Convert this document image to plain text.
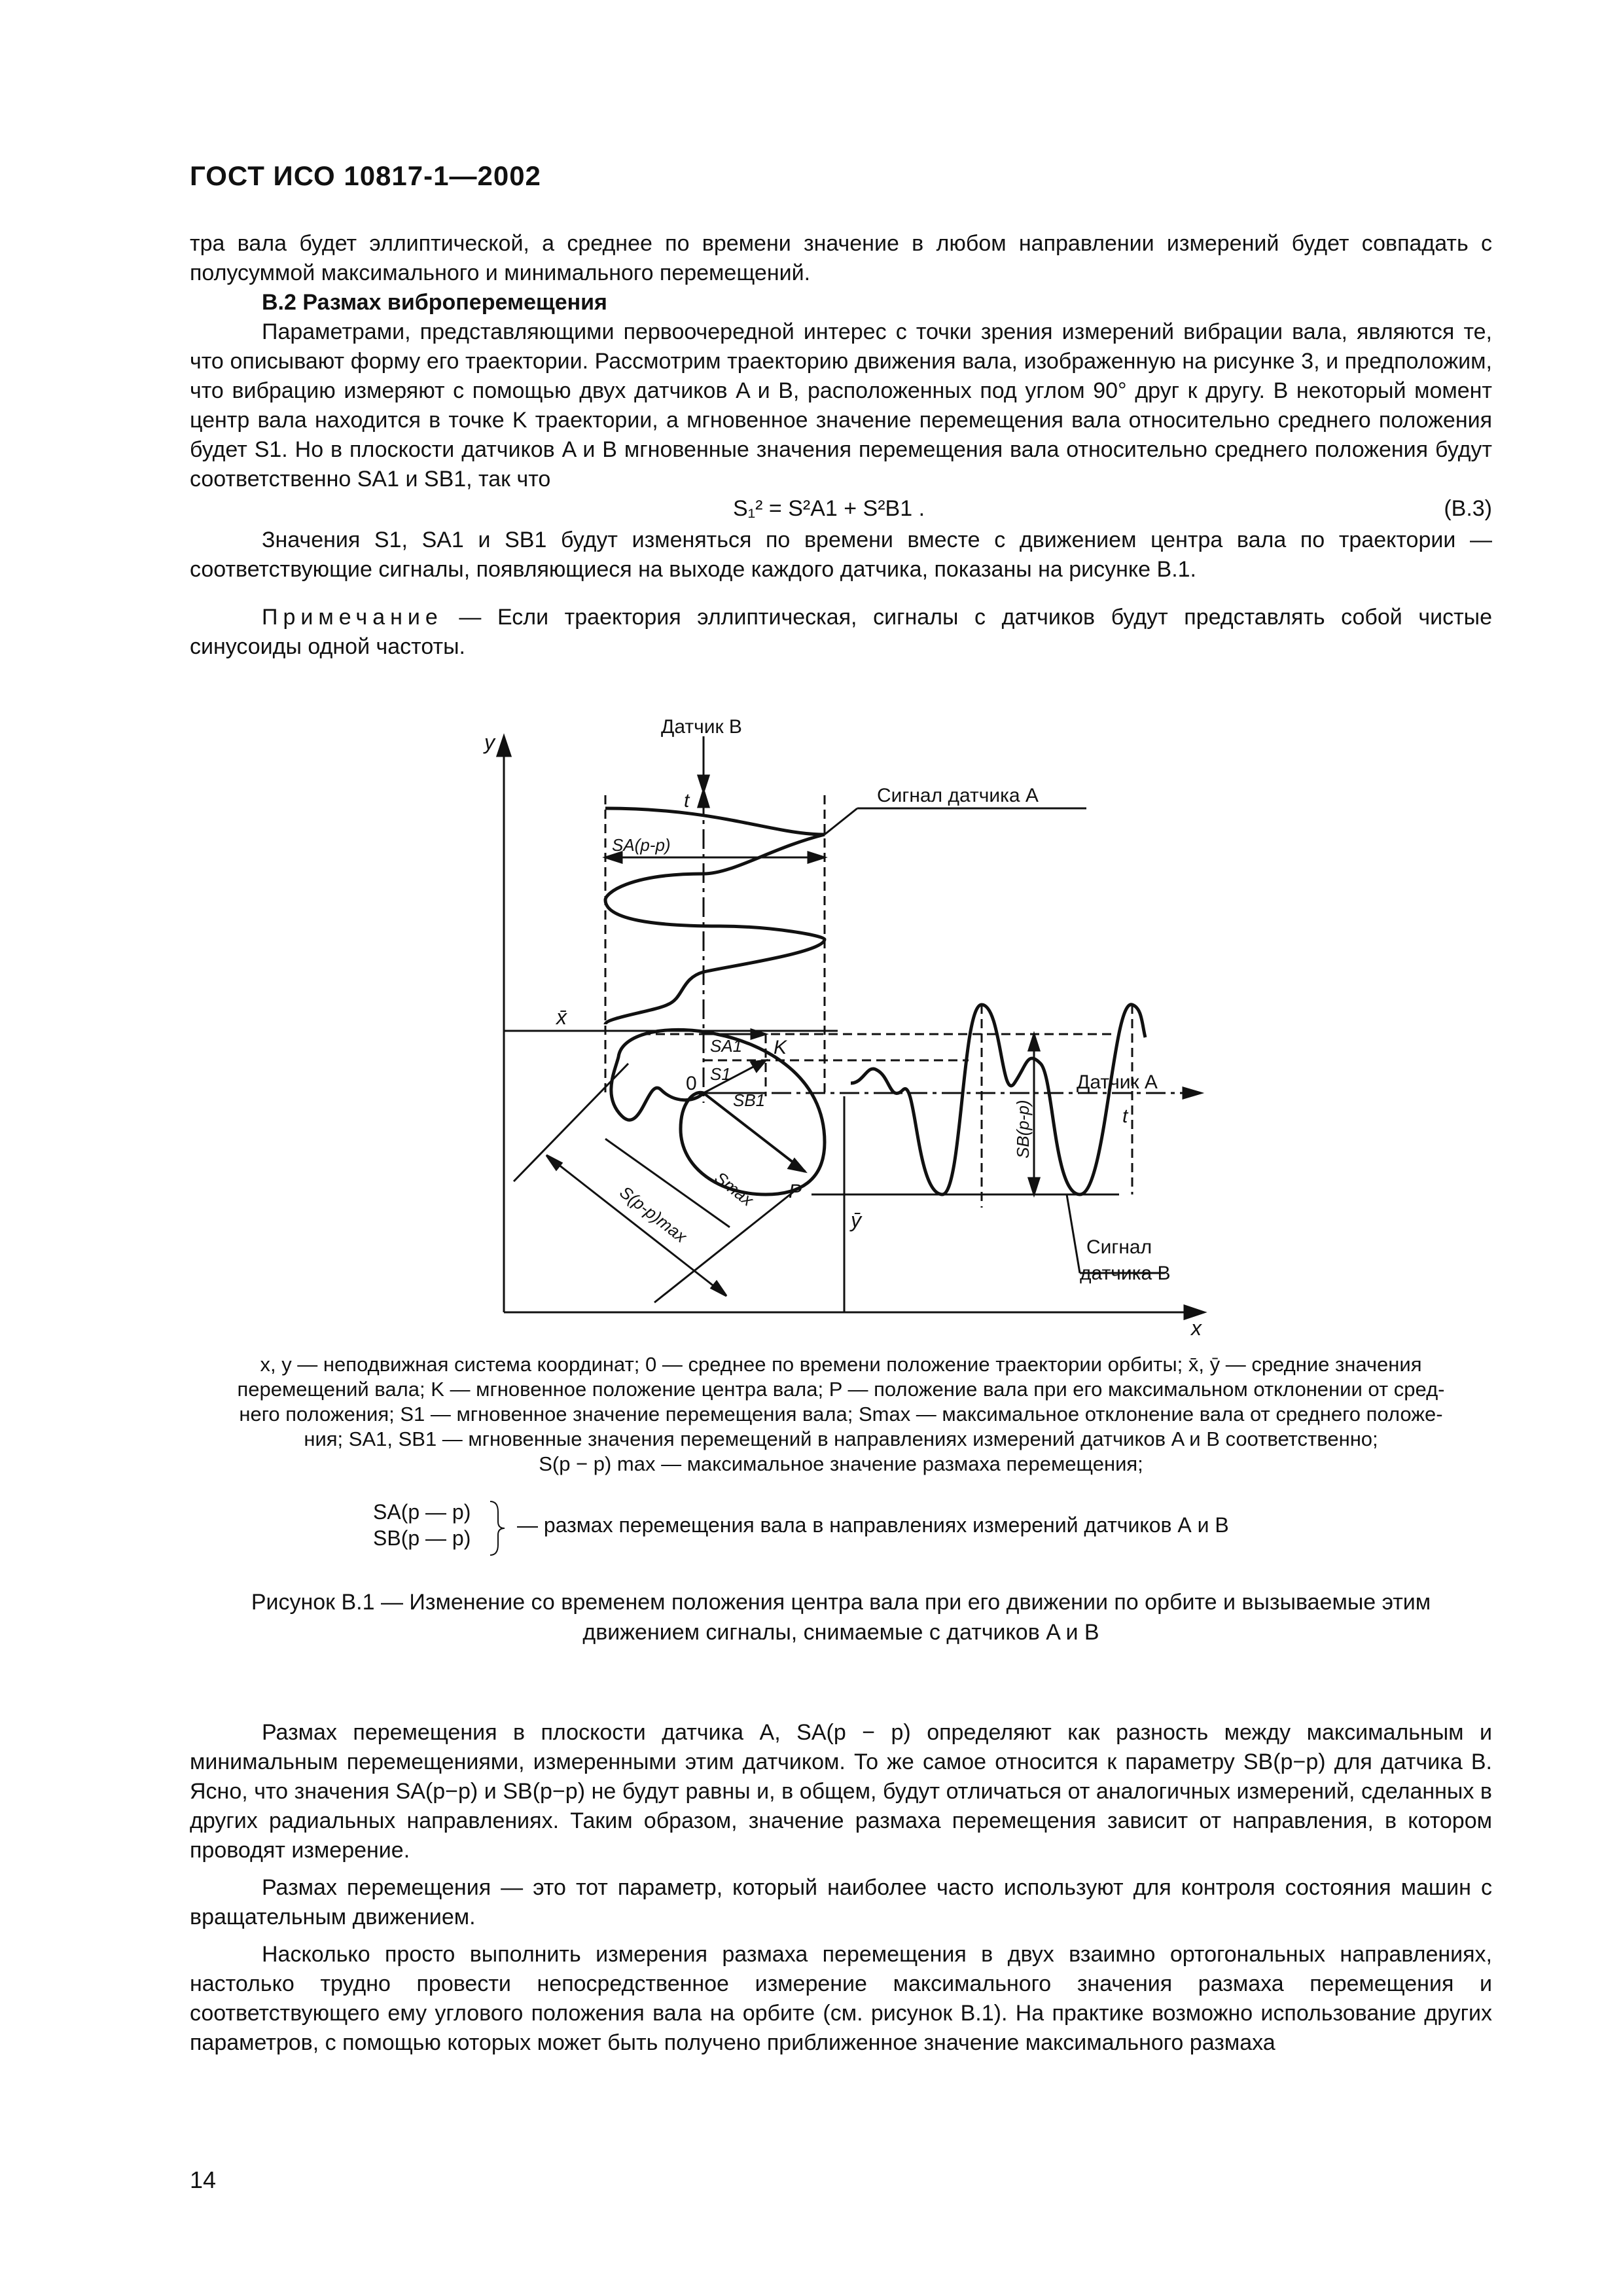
ГОСТ ИСО 10817-1—2002

тра вала будет эллиптической, а среднее по времени значение в любом направлении измерений будет совпадать с полусуммой максимального и минимального перемещений.

В.2 Размах виброперемещения

Параметрами, представляющими первоочередной интерес с точки зрения измерений вибрации вала, являются те, что описывают форму его траектории. Рассмотрим траекторию движения вала, изображенную на рисунке 3, и предположим, что вибрацию измеряют с помощью двух датчиков A и B, расположенных под углом 90° друг к другу. В некоторый момент центр вала находится в точке K траектории, а мгновенное значение перемещения вала относительно среднего положения будет S1. Но в плоскости датчиков A и B мгновенные значения перемещения вала относительно среднего положения будут соответственно SA1 и SB1, так что

S₁² = S²A1 + S²B1 .	(В.3)

Значения S1, SA1 и SB1 будут изменяться по времени вместе с движением центра вала по траектории — соответствующие сигналы, появляющиеся на выходе каждого датчика, показаны на рисунке В.1.

Примечание — Если траектория эллиптическая, сигналы с датчиков будут представлять собой чистые синусоиды одной частоты.

Датчик B
Сигнал датчика A
Датчик A
Сигнал
датчика B
y
x
t
t
x̄
ȳ
K
0
P
SA1
S1
SB1
SA(p-p)
SB(p-p)
Smax
S(p-p)max
x, y — неподвижная система координат; 0 — среднее по времени положение траектории орбиты; x̄, ȳ — средние значения
перемещений вала; K — мгновенное положение центра вала; P — положение вала при его максимальном отклонении от сред-
него положения; S1 — мгновенное значение перемещения вала; Smax — максимальное отклонение вала от среднего положе-
ния; SA1, SB1 — мгновенные значения перемещений в направлениях измерений датчиков A и B соответственно;
S(p − p) max — максимальное значение размаха перемещения;
SA(p — p)
SB(p — p)
— размах перемещения вала в направлениях измерений датчиков А и В
Рисунок В.1 — Изменение со временем положения центра вала при его движении по орбите и вызываемые этим
движением сигналы, снимаемые с датчиков A и B

Размах перемещения в плоскости датчика A, SA(p − p) определяют как разность между максимальным и минимальным перемещениями, измеренными этим датчиком. То же самое относится к параметру SB(p−p) для датчика B. Ясно, что значения SA(p−p) и SB(p−p) не будут равны и, в общем, будут отличаться от аналогичных измерений, сделанных в других радиальных направлениях. Таким образом, значение размаха перемещения зависит от направления, в котором проводят измерение.

Размах перемещения — это тот параметр, который наиболее часто используют для контроля состояния машин с вращательным движением.

Насколько просто выполнить измерения размаха перемещения в двух взаимно ортогональных направлениях, настолько трудно провести непосредственное измерение максимального значения размаха перемещения и соответствующего ему углового положения вала на орбите (см. рисунок В.1). На практике возможно использование других параметров, с помощью которых может быть получено приближенное значение максимального размаха

14
